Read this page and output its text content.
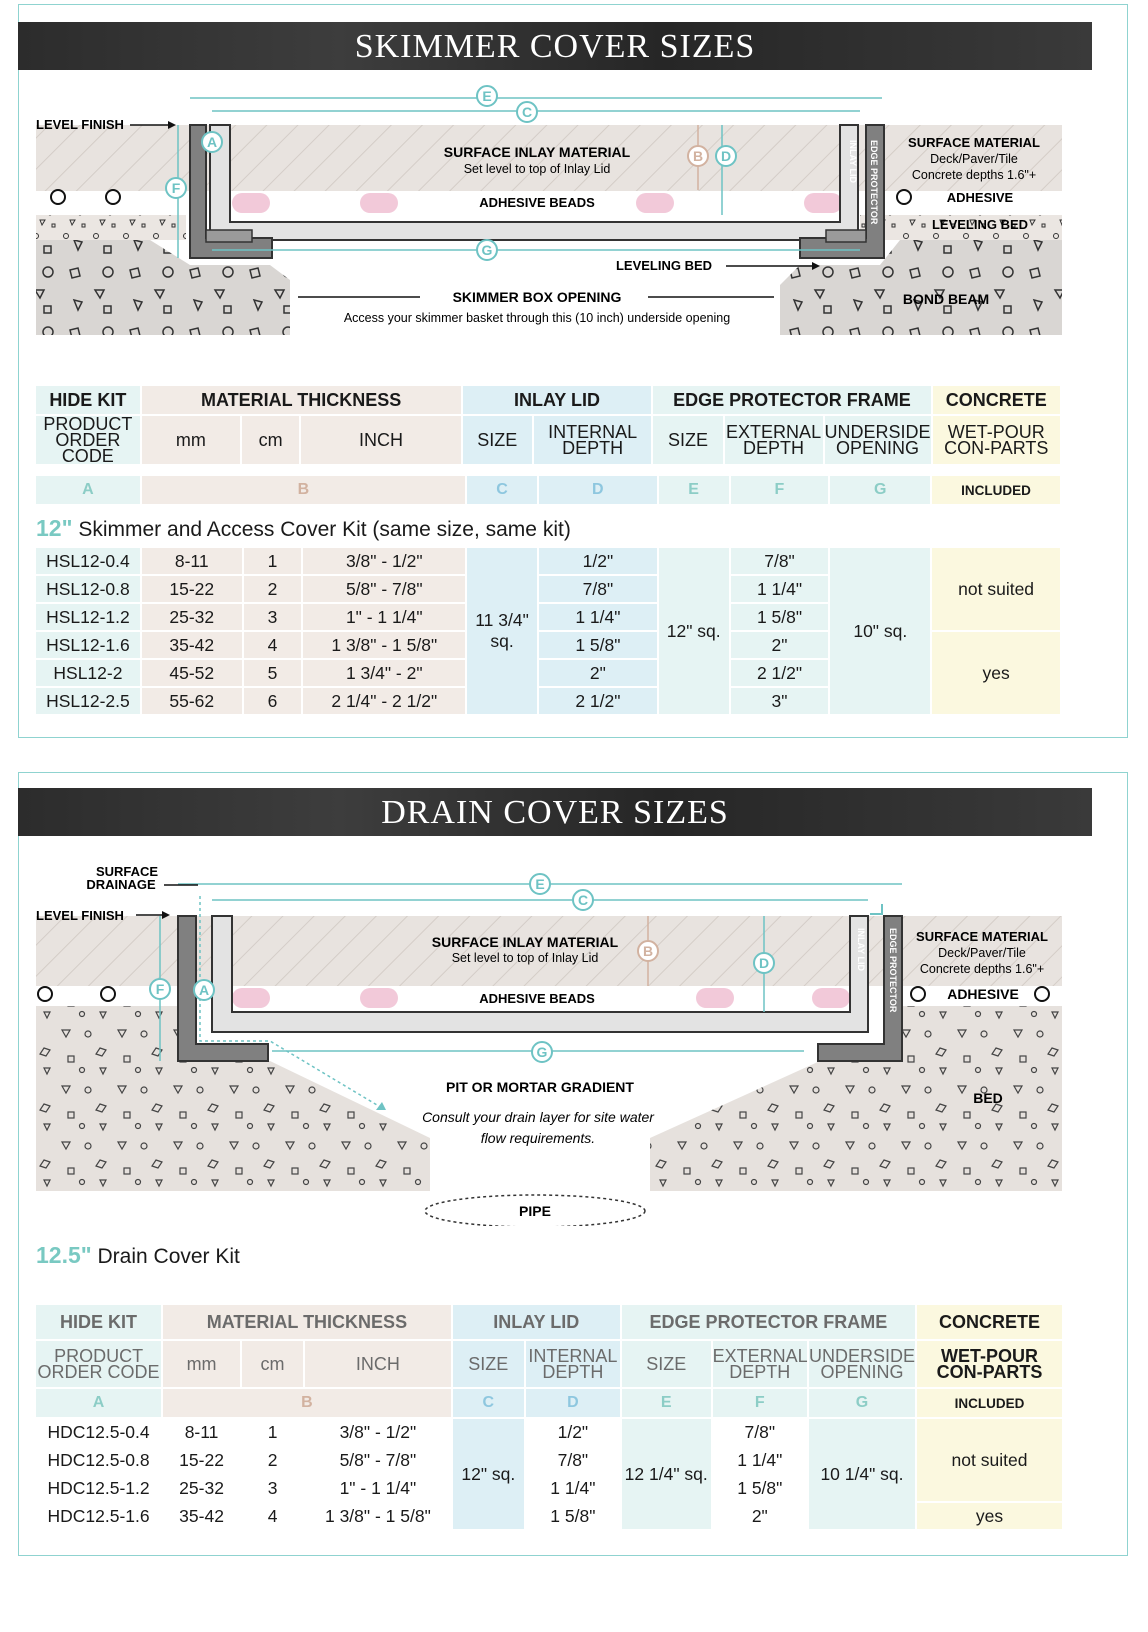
SKIMMER COVER SIZES
INLAY LID EDGE PROTECTOR
E
C
A
F
B D
G
LEVEL FINISH
SURFACE INLAY MATERIAL
Set level to top of Inlay Lid
ADHESIVE BEADS
SURFACE MATERIAL
Deck/Paver/Tile
Concrete depths 1.6"+
ADHESIVE
LEVELING BED
LEVELING BED
SKIMMER BOX OPENING
Access your skimmer basket through this (10 inch) underside opening
BOND BEAM
HIDE KIT	MATERIAL THICKNESS			INLAY LID		EDGE PROTECTOR FRAME			CONCRETE
PRODUCT ORDER CODE	mm	cm	INCH	SIZE	INTERNAL DEPTH	SIZE	EXTERNAL DEPTH	UNDERSIDE OPENING	WET-POUR CON-PARTS
A	B	C	D	E	F	G	INCLUDED
12" Skimmer and Access Cover Kit (same size, same kit)
HSL12-0.4	8-11	1	3/8" - 1/2"	11 3/4" sq.	1/2"	12" sq.	7/8"	10" sq.	not suited
HSL12-0.8	15-22	2	5/8" - 7/8"		7/8"		1 1/4"		
HSL12-1.2	25-32	3	1" - 1 1/4"		1 1/4"		1 5/8"		
HSL12-1.6	35-42	4	1 3/8" - 1 5/8"		1 5/8"		2"		yes
HSL12-2	45-52	5	1 3/4" - 2"		2"		2 1/2"		
HSL12-2.5	55-62	6	2 1/4" - 2 1/2"		2 1/2"		3"		
DRAIN COVER SIZES
INLAY LID EDGE PROTECTOR
E
C
F A
B
D
G
SURFACE
DRAINAGE
LEVEL FINISH
SURFACE INLAY MATERIAL
Set level to top of Inlay Lid
ADHESIVE BEADS
SURFACE MATERIAL
Deck/Paver/Tile
Concrete depths 1.6"+
ADHESIVE
PIT OR MORTAR GRADIENT
Consult your drain layer for site water
flow requirements.
BED
PIPE
12.5" Drain Cover Kit
HIDE KIT	MATERIAL THICKNESS			INLAY LID		EDGE PROTECTOR FRAME			CONCRETE
PRODUCT ORDER CODE	mm	cm	INCH	SIZE	INTERNAL DEPTH	SIZE	EXTERNAL DEPTH	UNDERSIDE OPENING	WET-POUR CON-PARTS
A	B			C	D	E	F	G	INCLUDED
HDC12.5-0.4	8-11	1	3/8" - 1/2"	12" sq.	1/2"	12 1/4" sq.	7/8"	10 1/4" sq.	not suited
HDC12.5-0.8	15-22	2	5/8" - 7/8"		7/8"		1 1/4"		
HDC12.5-1.2	25-32	3	1" - 1 1/4"		1 1/4"		1 5/8"		
HDC12.5-1.6	35-42	4	1 3/8" - 1 5/8"		1 5/8"		2"		yes
